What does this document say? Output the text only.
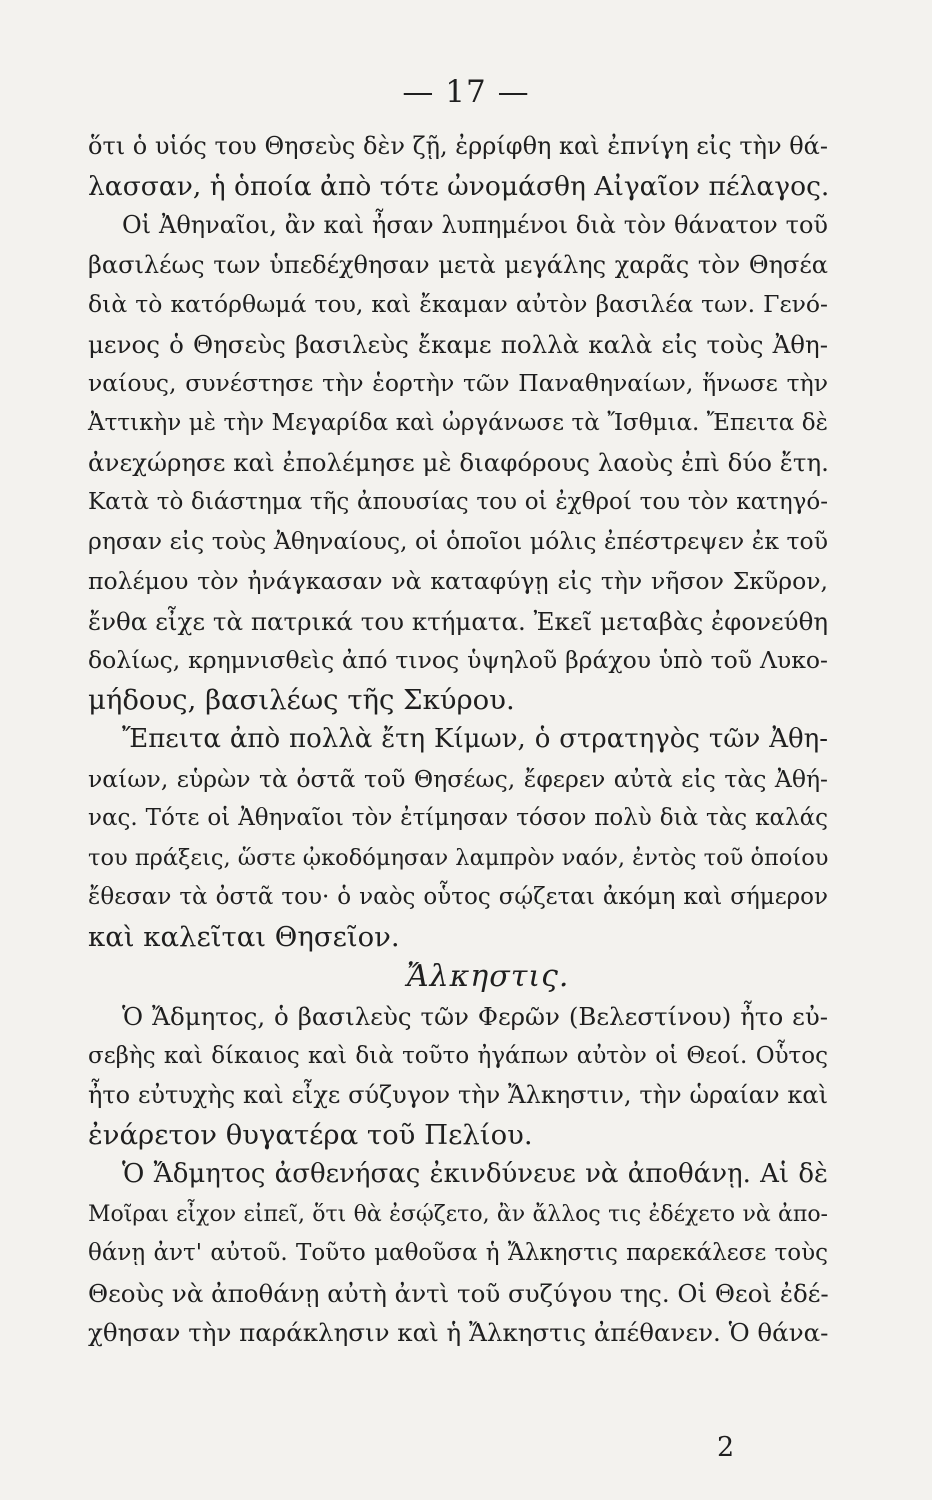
— 17 —
ὅτι ὁ υἱός του Θησεὺς δὲν ζῇ, ἐρρίφθη καὶ ἐπνίγη εἰς τὴν θά-
λασσαν, ἡ ὁποία ἀπὸ τότε ὠνομάσθη Αἰγαῖον πέλαγος.
Οἱ Ἀθηναῖοι, ἂν καὶ ἦσαν λυπημένοι διὰ τὸν θάνατον τοῦ
βασιλέως των ὑπεδέχθησαν μετὰ μεγάλης χαρᾶς τὸν Θησέα
διὰ τὸ κατόρθωμά του, καὶ ἔκαμαν αὐτὸν βασιλέα των. Γενό-
μενος ὁ Θησεὺς βασιλεὺς ἔκαμε πολλὰ καλὰ εἰς τοὺς Ἀθη-
ναίους, συνέστησε τὴν ἑορτὴν τῶν Παναθηναίων, ἥνωσε τὴν
Ἀττικὴν μὲ τὴν Μεγαρίδα καὶ ὠργάνωσε τὰ Ἴσθμια. Ἔπειτα δὲ
ἀνεχώρησε καὶ ἐπολέμησε μὲ διαφόρους λαοὺς ἐπὶ δύο ἔτη.
Κατὰ τὸ διάστημα τῆς ἀπουσίας του οἱ ἐχθροί του τὸν κατηγό-
ρησαν εἰς τοὺς Ἀθηναίους, οἱ ὁποῖοι μόλις ἐπέστρεψεν ἐκ τοῦ
πολέμου τὸν ἠνάγκασαν νὰ καταφύγῃ εἰς τὴν νῆσον Σκῦρον,
ἔνθα εἶχε τὰ πατρικά του κτήματα. Ἐκεῖ μεταβὰς ἐφονεύθη
δολίως, κρημνισθεὶς ἀπό τινος ὑψηλοῦ βράχου ὑπὸ τοῦ Λυκο-
μήδους, βασιλέως τῆς Σκύρου.
Ἔπειτα ἀπὸ πολλὰ ἔτη Κίμων, ὁ στρατηγὸς τῶν Ἀθη-
ναίων, εὑρὼν τὰ ὀστᾶ τοῦ Θησέως, ἔφερεν αὐτὰ εἰς τὰς Ἀθή-
νας. Τότε οἱ Ἀθηναῖοι τὸν ἐτίμησαν τόσον πολὺ διὰ τὰς καλάς
του πράξεις, ὥστε ᾠκοδόμησαν λαμπρὸν ναόν, ἐντὸς τοῦ ὁποίου
ἔθεσαν τὰ ὀστᾶ του· ὁ ναὸς οὗτος σῴζεται ἀκόμη καὶ σήμερον
καὶ καλεῖται Θησεῖον.
Ἄλκηστις.
Ὁ Ἄδμητος, ὁ βασιλεὺς τῶν Φερῶν (Βελεστίνου) ἦτο εὐ-
σεβὴς καὶ δίκαιος καὶ διὰ τοῦτο ἠγάπων αὐτὸν οἱ Θεοί. Οὗτος
ἦτο εὐτυχὴς καὶ εἶχε σύζυγον τὴν Ἄλκηστιν, τὴν ὡραίαν καὶ
ἐνάρετον θυγατέρα τοῦ Πελίου.
Ὁ Ἄδμητος ἀσθενήσας ἐκινδύνευε νὰ ἀποθάνῃ. Αἱ δὲ
Μοῖραι εἶχον εἰπεῖ, ὅτι θὰ ἐσῴζετο, ἂν ἄλλος τις ἐδέχετο νὰ ἀπο-
θάνῃ ἀντ' αὐτοῦ. Τοῦτο μαθοῦσα ἡ Ἄλκηστις παρεκάλεσε τοὺς
Θεοὺς νὰ ἀποθάνῃ αὐτὴ ἀντὶ τοῦ συζύγου της. Οἱ Θεοὶ ἐδέ-
χθησαν τὴν παράκλησιν καὶ ἡ Ἄλκηστις ἀπέθανεν. Ὁ θάνα-
2
